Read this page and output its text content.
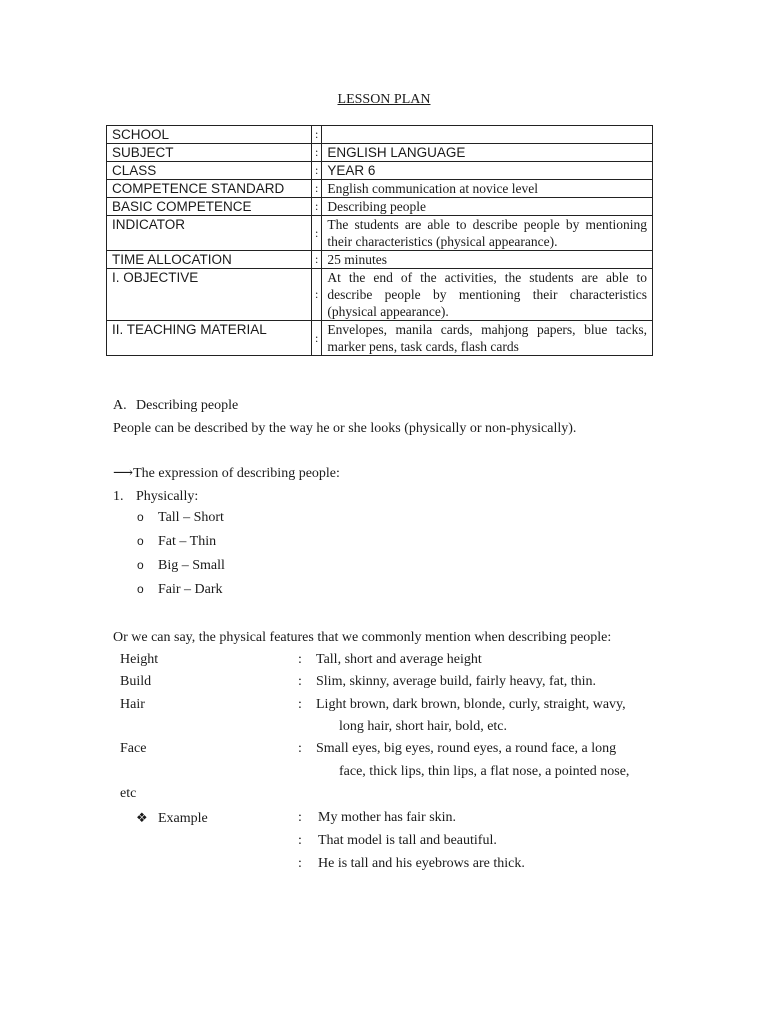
LESSON PLAN
SCHOOL	:	
SUBJECT	:	ENGLISH LANGUAGE
CLASS	:	YEAR 6
COMPETENCE STANDARD	:	English communication at novice level
BASIC COMPETENCE	:	Describing people
INDICATOR	:	The students are able to describe people by mentioning their characteristics (physical appearance).
TIME ALLOCATION	:	25 minutes
I. OBJECTIVE	:	At the end of the activities, the students are able to describe people by mentioning their characteristics (physical appearance).
II. TEACHING MATERIAL	:	Envelopes, manila cards, mahjong papers, blue tacks, marker pens, task cards, flash cards
A. Describing people
People can be described by the way he or she looks (physically or non-physically).
⟶The expression of describing people:
1. Physically:
o Tall – Short
o Fat – Thin
o Big – Small
o Fair – Dark
Or we can say, the physical features that we commonly mention when describing people:
Height	: Tall, short and average height
Build	: Slim, skinny, average build, fairly heavy, fat, thin.
Hair	: Light brown, dark brown, blonde, curly, straight, wavy,
long hair, short hair, bold, etc.
Face	: Small eyes, big eyes, round eyes, a round face, a long
face, thick lips, thin lips, a flat nose, a pointed nose,
etc
❖ Example	: My mother has fair skin.
: That model is tall and beautiful.
: He is tall and his eyebrows are thick.
